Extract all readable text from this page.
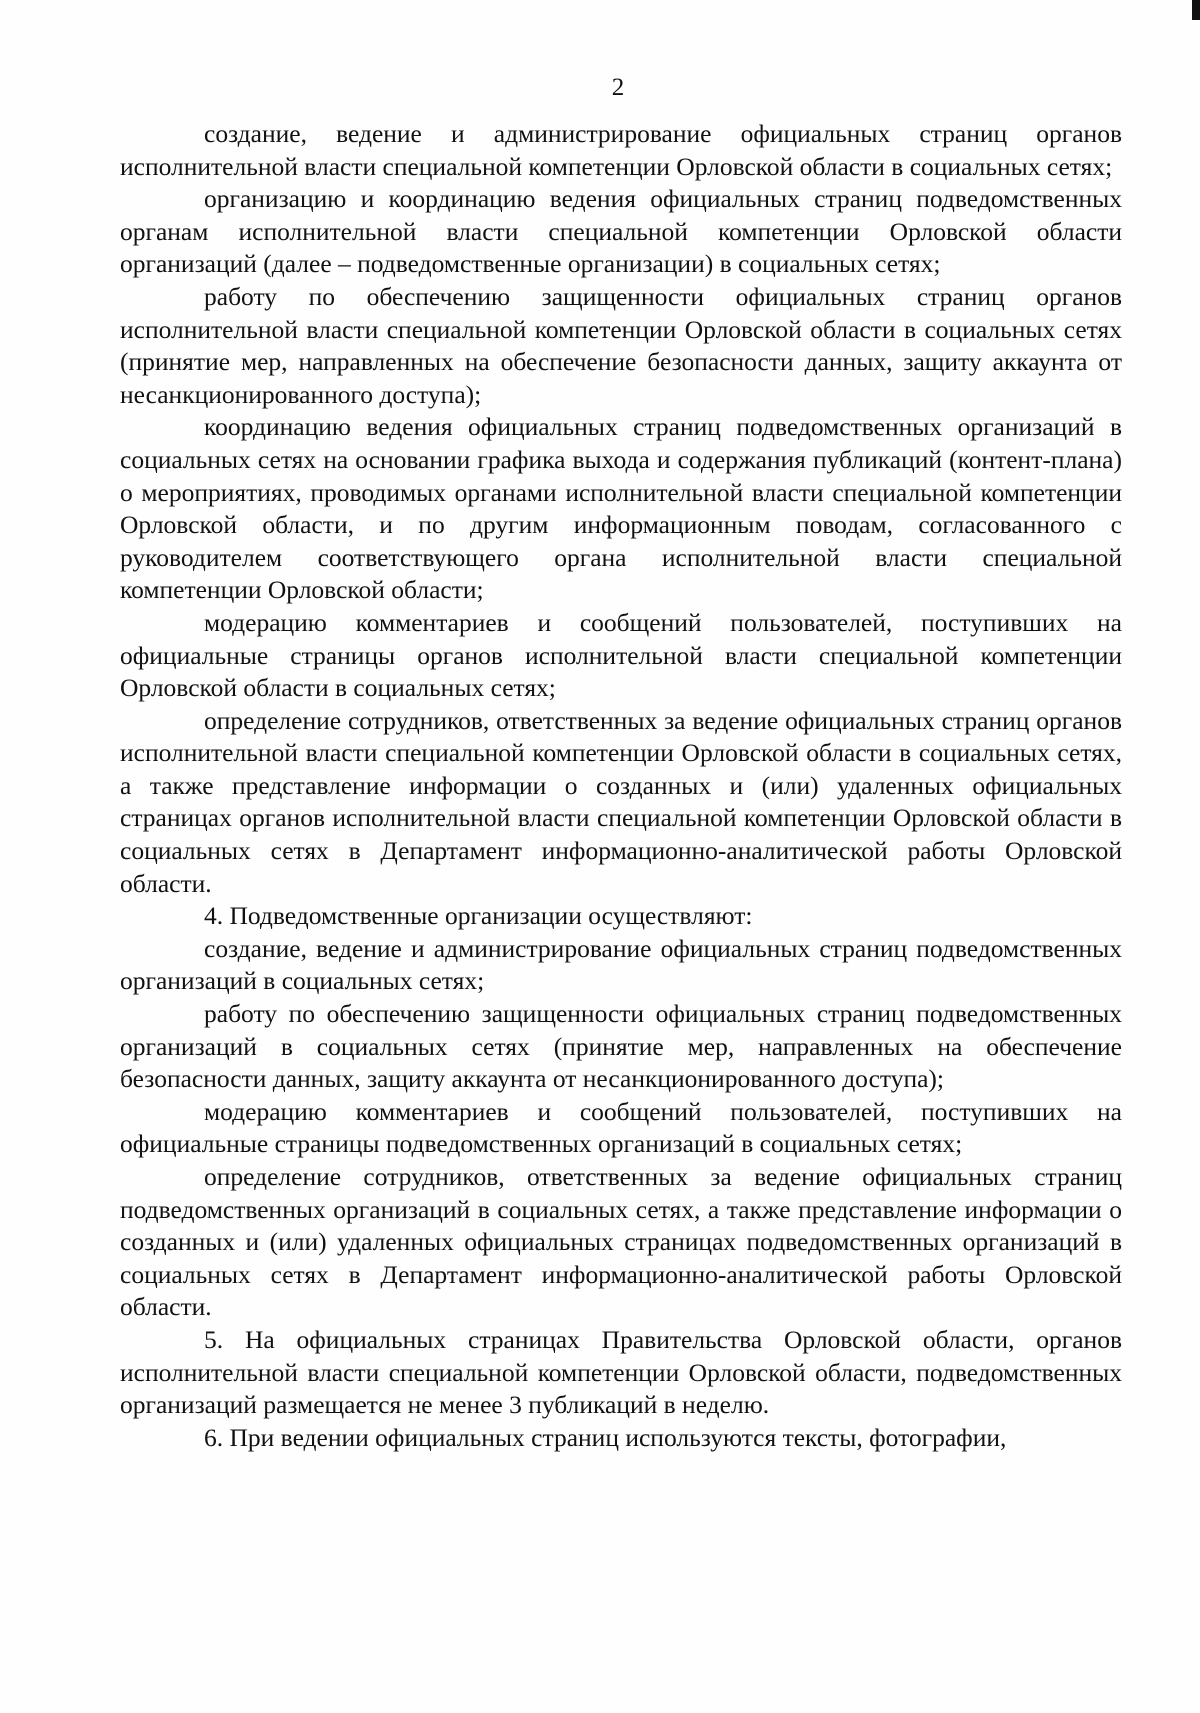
2

создание, ведение и администрирование официальных страниц органов исполнительной власти специальной компетенции Орловской области в социальных сетях;

организацию и координацию ведения официальных страниц подведомственных органам исполнительной власти специальной компетенции Орловской области организаций (далее – подведомственные организации) в социальных сетях;

работу по обеспечению защищенности официальных страниц органов исполнительной власти специальной компетенции Орловской области в социальных сетях (принятие мер, направленных на обеспечение безопасности данных, защиту аккаунта от несанкционированного доступа);

координацию ведения официальных страниц подведомственных организаций в социальных сетях на основании графика выхода и содержания публикаций (контент-плана) о мероприятиях, проводимых органами исполнительной власти специальной компетенции Орловской области, и по другим информационным поводам, согласованного с руководителем соответствующего органа исполнительной власти специальной компетенции Орловской области;

модерацию комментариев и сообщений пользователей, поступивших на официальные страницы органов исполнительной власти специальной компетенции Орловской области в социальных сетях;

определение сотрудников, ответственных за ведение официальных страниц органов исполнительной власти специальной компетенции Орловской области в социальных сетях, а также представление информации о созданных и (или) удаленных официальных страницах органов исполнительной власти специальной компетенции Орловской области в социальных сетях в Департамент информационно-аналитической работы Орловской области.

4. Подведомственные организации осуществляют:

создание, ведение и администрирование официальных страниц подведомственных организаций в социальных сетях;

работу по обеспечению защищенности официальных страниц подведомственных организаций в социальных сетях (принятие мер, направленных на обеспечение безопасности данных, защиту аккаунта от несанкционированного доступа);

модерацию комментариев и сообщений пользователей, поступивших на официальные страницы подведомственных организаций в социальных сетях;

определение сотрудников, ответственных за ведение официальных страниц подведомственных организаций в социальных сетях, а также представление информации о созданных и (или) удаленных официальных страницах подведомственных организаций в социальных сетях в Департамент информационно-аналитической работы Орловской области.

5. На официальных страницах Правительства Орловской области, органов исполнительной власти специальной компетенции Орловской области, подведомственных организаций размещается не менее 3 публикаций в неделю.

6. При ведении официальных страниц используются тексты, фотографии,
